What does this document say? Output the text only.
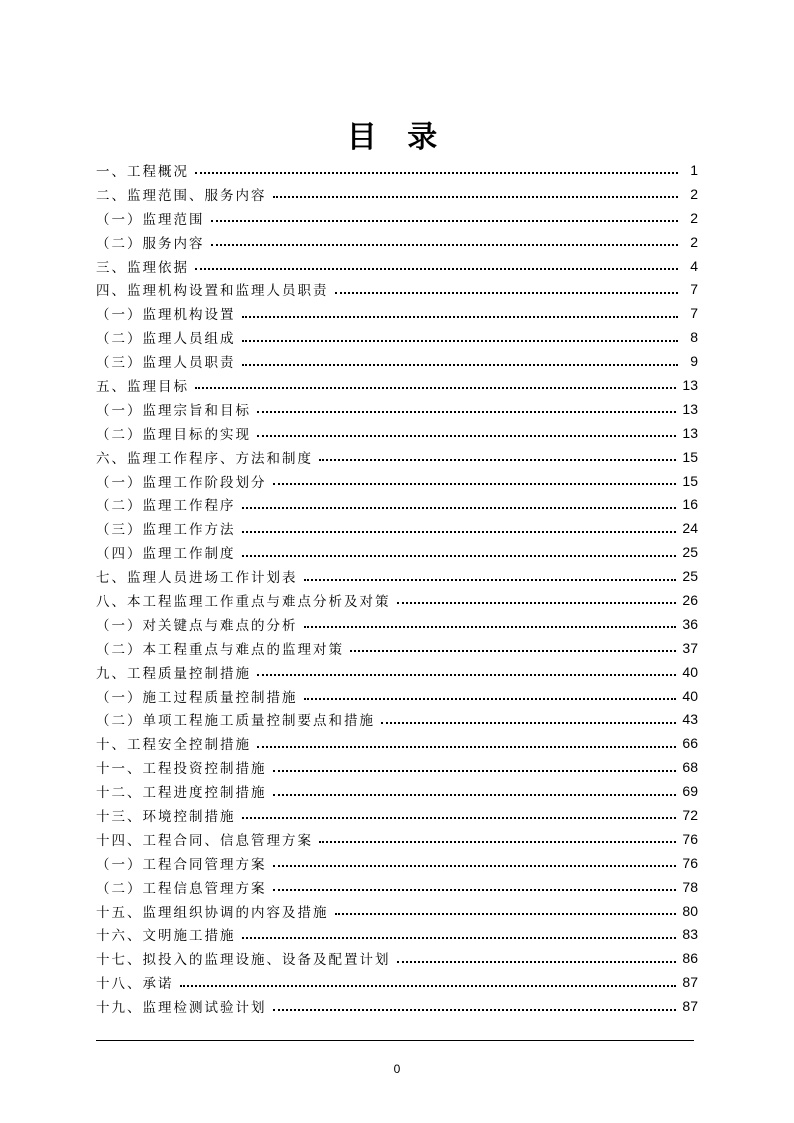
目 录
一、工程概况	1
二、监理范围、服务内容	2
（一）监理范围	2
（二）服务内容	2
三、监理依据	4
四、监理机构设置和监理人员职责	7
（一）监理机构设置	7
（二）监理人员组成	8
（三）监理人员职责	9
五、监理目标	13
（一）监理宗旨和目标	13
（二）监理目标的实现	13
六、监理工作程序、方法和制度	15
（一）监理工作阶段划分	15
（二）监理工作程序	16
（三）监理工作方法	24
（四）监理工作制度	25
七、监理人员进场工作计划表	25
八、本工程监理工作重点与难点分析及对策	26
（一）对关键点与难点的分析	36
（二）本工程重点与难点的监理对策	37
九、工程质量控制措施	40
（一）施工过程质量控制措施	40
（二）单项工程施工质量控制要点和措施	43
十、工程安全控制措施	66
十一、工程投资控制措施	68
十二、工程进度控制措施	69
十三、环境控制措施	72
十四、工程合同、信息管理方案	76
（一）工程合同管理方案	76
（二）工程信息管理方案	78
十五、监理组织协调的内容及措施	80
十六、文明施工措施	83
十七、拟投入的监理设施、设备及配置计划	86
十八、承诺	87
十九、监理检测试验计划	87
0
